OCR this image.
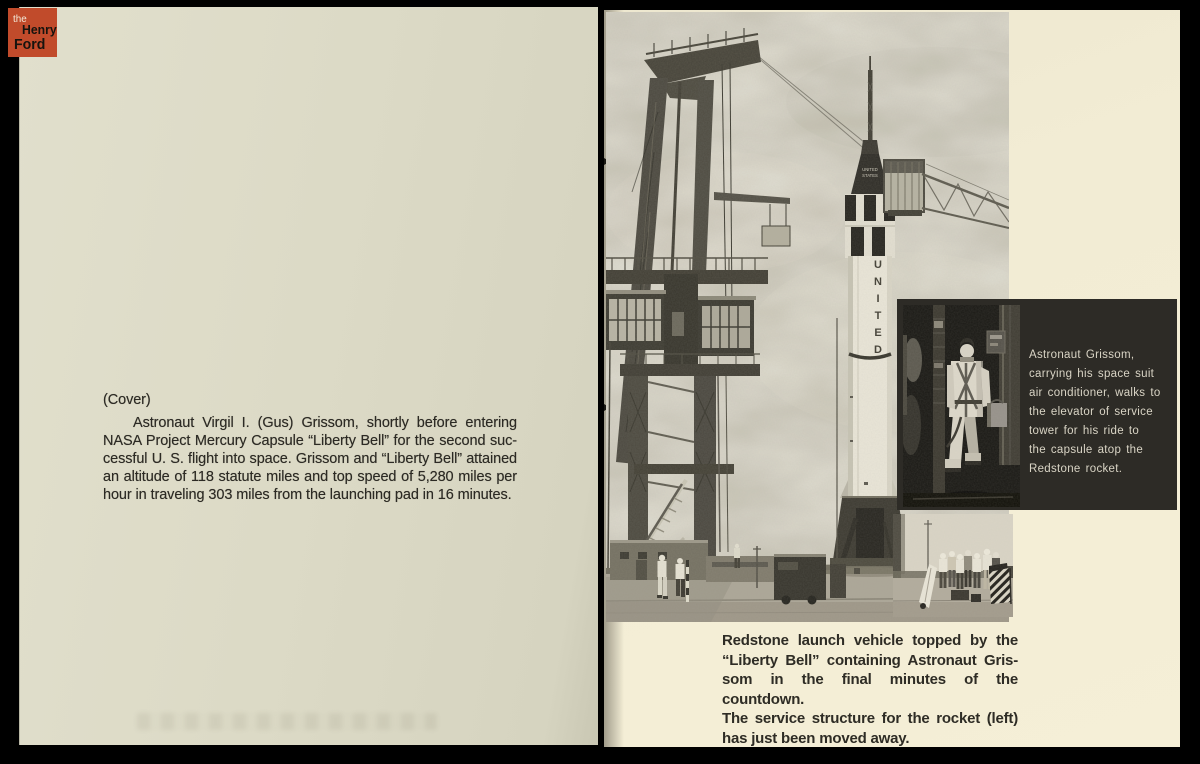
(Cover)
Astronaut Virgil I. (Gus) Grissom, shortly before entering
NASA Project Mercury Capsule “Liberty Bell” for the second suc-
cessful U. S. flight into space. Grissom and “Liberty Bell” attained
an altitude of 118 statute miles and top speed of 5,280 miles per
hour in traveling 303 miles from the launching pad in 16 minutes.
Astronaut Grissom,
carrying his space suit
air conditioner, walks to
the elevator of service
tower for his ride to
the capsule atop the
Redstone rocket.
Redstone launch vehicle topped by the
“Liberty Bell” containing Astronaut Gris-
som in the final minutes of the countdown.
The service structure for the rocket (left)
has just been moved away.
the
Henry
Ford
